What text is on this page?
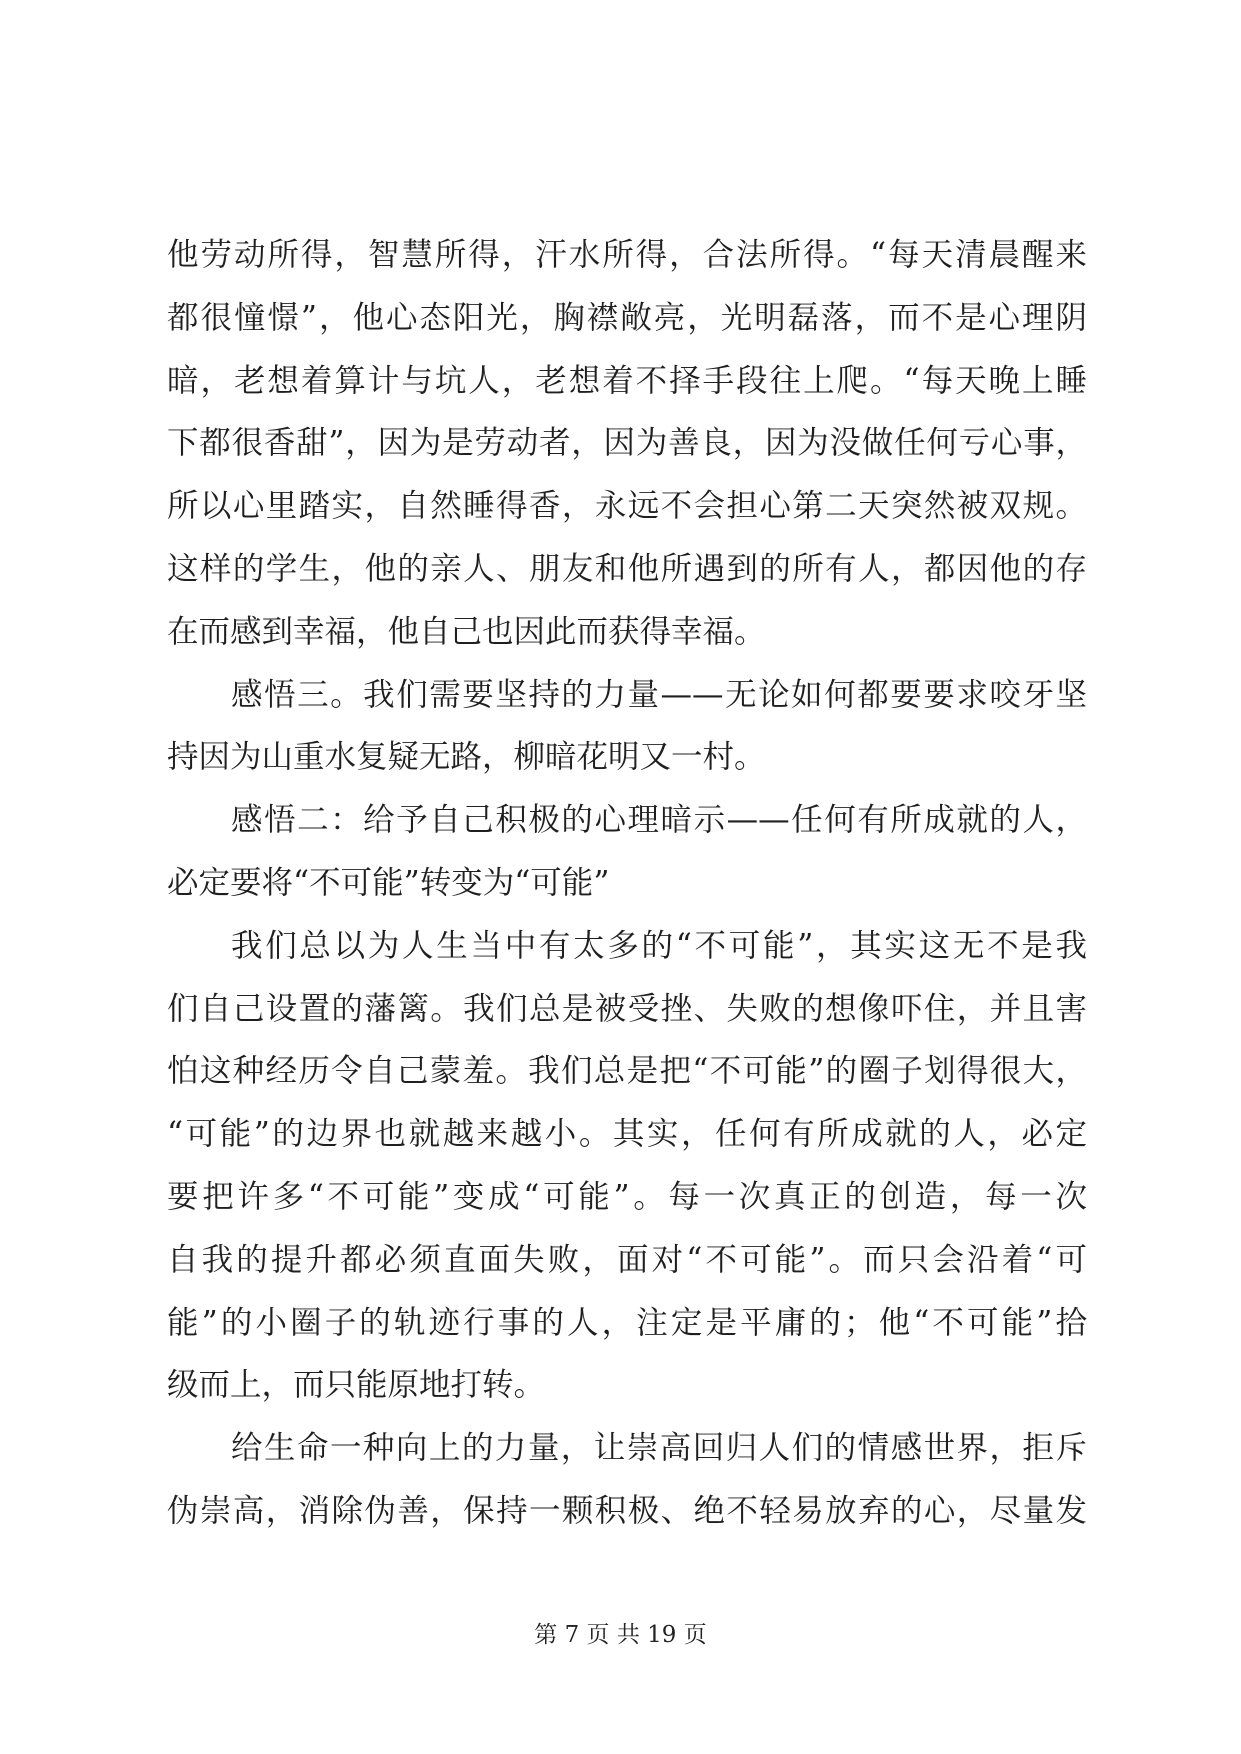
他劳动所得，智慧所得，汗水所得，合法所得。“每天清晨醒来
都很憧憬”，他心态阳光，胸襟敞亮，光明磊落，而不是心理阴
暗，老想着算计与坑人，老想着不择手段往上爬。“每天晚上睡
下都很香甜”，因为是劳动者，因为善良，因为没做任何亏心事，
所以心里踏实，自然睡得香，永远不会担心第二天突然被双规。
这样的学生，他的亲人、朋友和他所遇到的所有人，都因他的存
在而感到幸福，他自己也因此而获得幸福。
感悟三。我们需要坚持的力量——无论如何都要要求咬牙坚
持因为山重水复疑无路，柳暗花明又一村。
感悟二：给予自己积极的心理暗示——任何有所成就的人，
必定要将“不可能”转变为“可能”
我们总以为人生当中有太多的“不可能”，其实这无不是我
们自己设置的藩篱。我们总是被受挫、失败的想像吓住，并且害
怕这种经历令自己蒙羞。我们总是把“不可能”的圈子划得很大，
“可能”的边界也就越来越小。其实，任何有所成就的人，必定
要把许多“不可能”变成“可能”。每一次真正的创造，每一次
自我的提升都必须直面失败，面对“不可能”。而只会沿着“可
能”的小圈子的轨迹行事的人，注定是平庸的；他“不可能”拾
级而上，而只能原地打转。
给生命一种向上的力量，让崇高回归人们的情感世界，拒斥
伪崇高，消除伪善，保持一颗积极、绝不轻易放弃的心，尽量发
第 7 页 共 19 页
